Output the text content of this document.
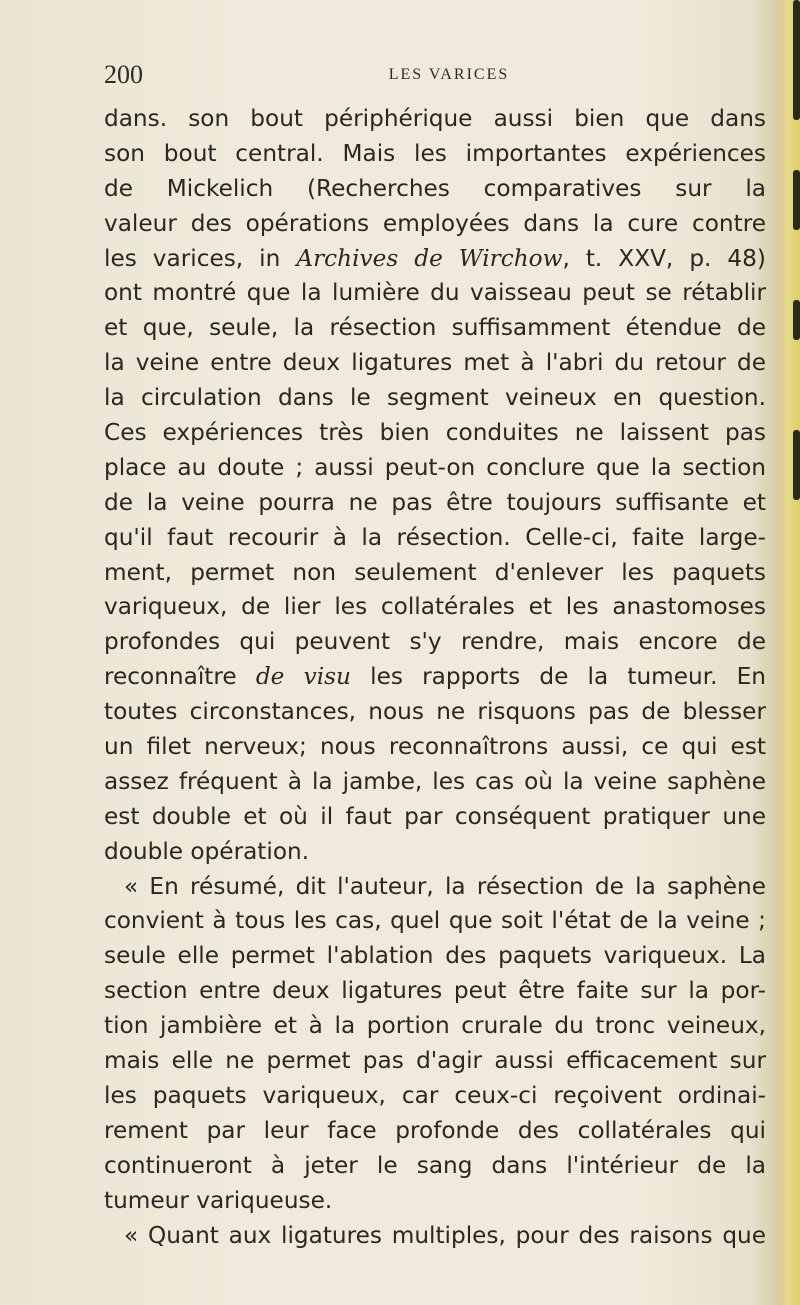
200	LES VARICES
dans. son bout périphérique aussi bien que dans
son bout central. Mais les importantes expériences
de Mickelich (Recherches comparatives sur la
valeur des opérations employées dans la cure contre
les varices, in Archives de Wirchow, t. XXV, p. 48)
ont montré que la lumière du vaisseau peut se rétablir
et que, seule, la résection suffisamment étendue de
la veine entre deux ligatures met à l'abri du retour de
la circulation dans le segment veineux en question.
Ces expériences très bien conduites ne laissent pas
place au doute ; aussi peut-on conclure que la section
de la veine pourra ne pas être toujours suffisante et
qu'il faut recourir à la résection. Celle-ci, faite large-
ment, permet non seulement d'enlever les paquets
variqueux, de lier les collatérales et les anastomoses
profondes qui peuvent s'y rendre, mais encore de
reconnaître de visu les rapports de la tumeur. En
toutes circonstances, nous ne risquons pas de blesser
un filet nerveux; nous reconnaîtrons aussi, ce qui est
assez fréquent à la jambe, les cas où la veine saphène
est double et où il faut par conséquent pratiquer une
double opération.
« En résumé, dit l'auteur, la résection de la saphène
convient à tous les cas, quel que soit l'état de la veine ;
seule elle permet l'ablation des paquets variqueux. La
section entre deux ligatures peut être faite sur la por-
tion jambière et à la portion crurale du tronc veineux,
mais elle ne permet pas d'agir aussi efficacement sur
les paquets variqueux, car ceux-ci reçoivent ordinai-
rement par leur face profonde des collatérales qui
continueront à jeter le sang dans l'intérieur de la
tumeur variqueuse.
« Quant aux ligatures multiples, pour des raisons que
